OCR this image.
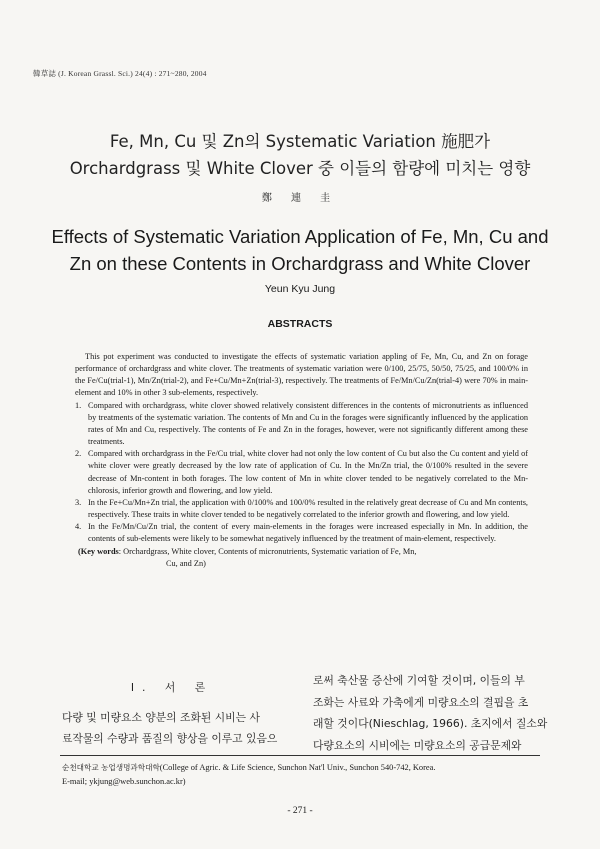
韓草誌 (J. Korean Grassl. Sci.) 24(4) : 271~280, 2004
Fe, Mn, Cu 및 Zn의 Systematic Variation 施肥가
Orchardgrass 및 White Clover 중 이들의 함량에 미치는 영향
鄭 連 圭
Effects of Systematic Variation Application of Fe, Mn, Cu and
Zn on these Contents in Orchardgrass and White Clover
Yeun Kyu Jung
ABSTRACTS

This pot experiment was conducted to investigate the effects of systematic variation appling of Fe, Mn, Cu, and Zn on forage performance of orchardgrass and white clover. The treatments of systematic variation were 0/100, 25/75, 50/50, 75/25, and 100/0% in the Fe/Cu(trial-1), Mn/Zn(trial-2), and Fe+Cu/Mn+Zn(trial-3), respectively. The treatments of Fe/Mn/Cu/Zn(trial-4) were 70% in main-element and 10% in other 3 sub-elements, respectively.

1. Compared with orchardgrass, white clover showed relatively consistent differences in the contents of micronutrients as influenced by treatments of the systematic variation. The contents of Mn and Cu in the forages were significantly influenced by the application rates of Mn and Cu, respectively. The contents of Fe and Zn in the forages, however, were not significantly different among these treatments.
2. Compared with orchardgrass in the Fe/Cu trial, white clover had not only the low content of Cu but also the Cu content and yield of white clover were greatly decreased by the low rate of application of Cu. In the Mn/Zn trial, the 0/100% resulted in the severe decrease of Mn-content in both forages. The low content of Mn in white clover tended to be negatively correlated to the Mn-chlorosis, inferior growth and flowering, and low yield.
3. In the Fe+Cu/Mn+Zn trial, the application with 0/100% and 100/0% resulted in the relatively great decrease of Cu and Mn contents, respectively. These traits in white clover tended to be negatively correlated to the inferior growth and flowering, and low yield.
4. In the Fe/Mn/Cu/Zn trial, the content of every main-elements in the forages were increased especially in Mn. In addition, the contents of sub-elements were likely to be somewhat negatively influenced by the treatment of main-element, respectively.
(Key words: Orchardgrass, White clover, Contents of micronutrients, Systematic variation of Fe, Mn,
Cu, and Zn)
Ⅰ. 서 론
다량 및 미량요소 양분의 조화된 시비는 사
료작물의 수량과 품질의 향상을 이루고 있음으
로써 축산물 증산에 기여할 것이며, 이들의 부
조화는 사료와 가축에게 미량요소의 결핍을 초
래할 것이다(Nieschlag, 1966). 초지에서 질소와
다량요소의 시비에는 미량요소의 공급문제와
순천대학교 농업생명과학대학(College of Agric. & Life Science, Sunchon Nat'l Univ., Sunchon 540-742, Korea.
E-mail; ykjung@web.sunchon.ac.kr)
- 271 -
